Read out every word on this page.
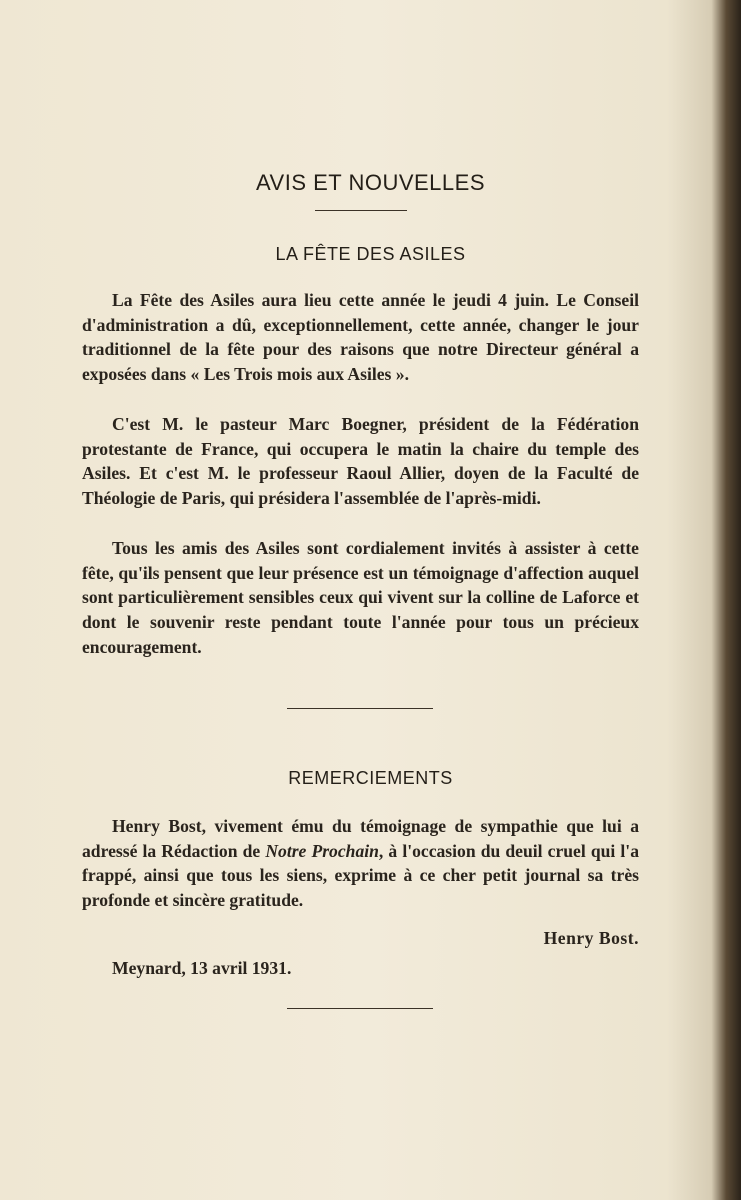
AVIS ET NOUVELLES
LA FÊTE DES ASILES

La Fête des Asiles aura lieu cette année le jeudi 4 juin. Le Conseil d'administration a dû, exceptionnellement, cette année, changer le jour traditionnel de la fête pour des raisons que notre Directeur général a exposées dans « Les Trois mois aux Asiles ».

C'est M. le pasteur Marc Boegner, président de la Fédération protestante de France, qui occupera le matin la chaire du temple des Asiles. Et c'est M. le professeur Raoul Allier, doyen de la Faculté de Théologie de Paris, qui présidera l'assemblée de l'après-midi.

Tous les amis des Asiles sont cordialement invités à assister à cette fête, qu'ils pensent que leur présence est un témoignage d'affection auquel sont particulièrement sensibles ceux qui vivent sur la colline de Laforce et dont le souvenir reste pendant toute l'année pour tous un précieux encouragement.

REMERCIEMENTS

Henry Bost, vivement ému du témoignage de sympathie que lui a adressé la Rédaction de Notre Prochain, à l'occasion du deuil cruel qui l'a frappé, ainsi que tous les siens, exprime à ce cher petit journal sa très profonde et sincère gratitude.

Henry Bost.
Meynard, 13 avril 1931.
